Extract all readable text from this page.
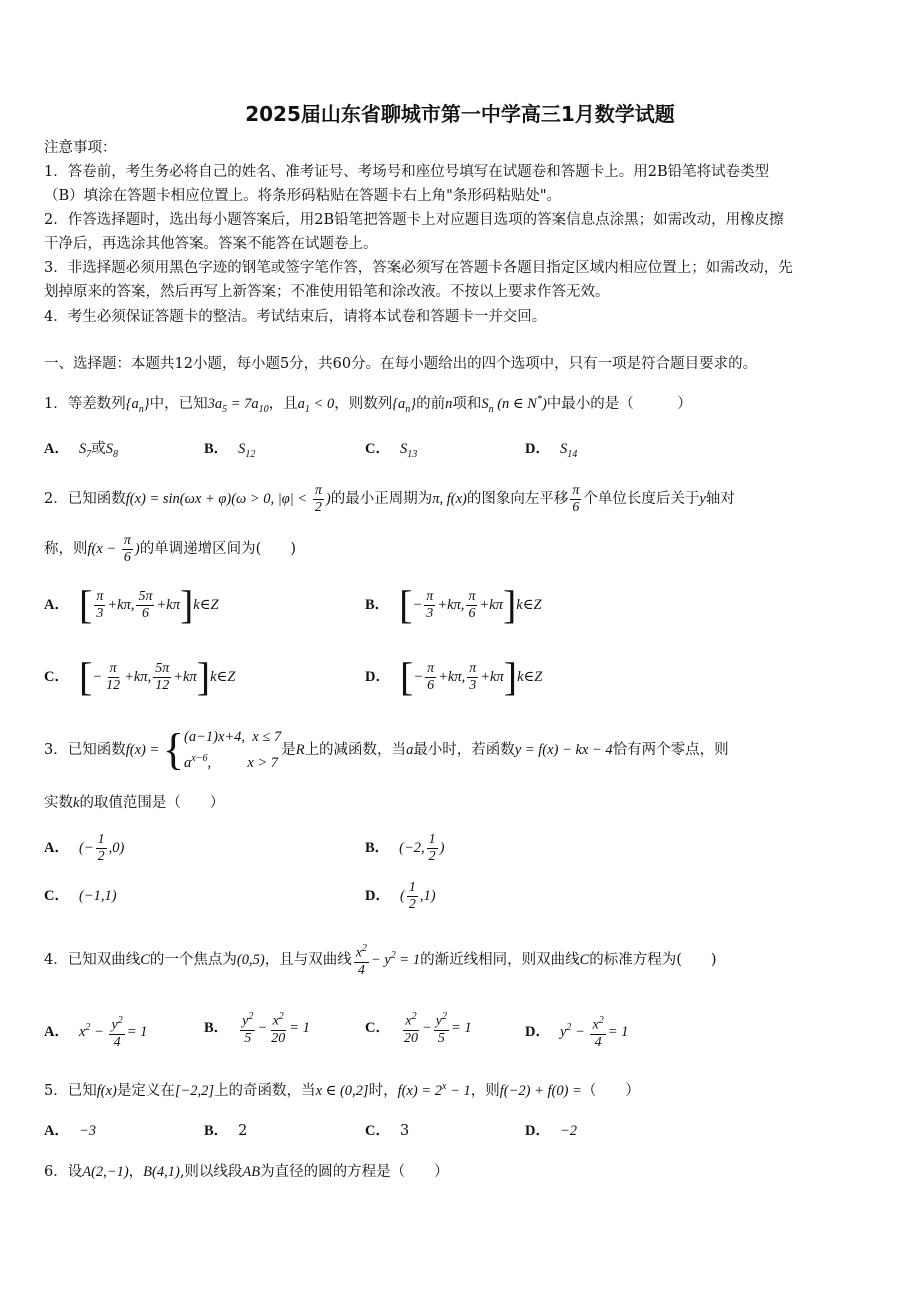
2025届山东省聊城市第一中学高三1月数学试题
注意事项：
1．答卷前，考生务必将自己的姓名、准考证号、考场号和座位号填写在试题卷和答题卡上。用2B铅笔将试卷类型
（B）填涂在答题卡相应位置上。将条形码粘贴在答题卡右上角"条形码粘贴处"。
2．作答选择题时，选出每小题答案后，用2B铅笔把答题卡上对应题目选项的答案信息点涂黑；如需改动，用橡皮擦
干净后，再选涂其他答案。答案不能答在试题卷上。
3．非选择题必须用黑色字迹的钢笔或签字笔作答，答案必须写在答题卡各题目指定区域内相应位置上；如需改动，先
划掉原来的答案，然后再写上新答案；不准使用铅笔和涂改液。不按以上要求作答无效。
4．考生必须保证答题卡的整洁。考试结束后，请将本试卷和答题卡一并交回。
一、选择题：本题共12小题，每小题5分，共60分。在每小题给出的四个选项中，只有一项是符合题目要求的。
1．等差数列$\{a_n\}$中，已知$3a_5 = 7a_{10}$，且$a_1 < 0$，则数列$\{a_n\}$的前n项和$S_n$ (n ∈ N*)中最小的是（　　　）
A． $S_7$或$S_8$	B． $S_{12}$	C． $S_{13}$	D． $S_{14}$
2．已知函数f(x) = sin(ωx + φ)(ω > 0, $|\varphi| < \frac{\pi}{2}$ )的最小正周期为π, f(x)的图象向左平移 $\frac{\pi}{6}$ 个单位长度后关于y轴对
称，则$f(x - \frac{\pi}{6}$ )的单调递增区间为(　　)
A． [ $\frac{\pi}{3} +k\pi$, $\frac{5\pi}{6}$ +kπ]k∈Z	B． [− $\frac{\pi}{3} +k\pi$, $\frac{\pi}{6}$ +kπ]k∈Z
C． [− $\frac{\pi}{12} +k\pi$, $\frac{5\pi}{12}$ +kπ]k∈Z	D． [− $\frac{\pi}{6} +k\pi$, $\frac{\pi}{3}$ +kπ]k∈Z
3．已知函数f(x) = { (a−1)x+4,  x ≤ 7
$a^{x-6}$,          x > 7
是R上的减函数，当a最小时，若函数y = f(x) − kx − 4恰有两个零点，则
实数k的取值范围是（　　）
A． (− $\frac{1}{2} ,0$)	B． (−2, $\frac{1}{2}$ )
C． (−1,1)	D． ( $\frac{1}{2} ,1$)
4．已知双曲线C的一个焦点为(0,5)，且与双曲线 $\frac{x^2}{4} - y^2 = 1$的渐近线相同，则双曲线C的标准方程为(　　)
A． $x^2 - \frac{y^2}{4} = 1$	B． $\frac{y^2}{5} - \frac{x^2}{20} = 1$	C． $\frac{x^2}{20} - \frac{y^2}{5} = 1$	D． $y^2 - \frac{x^2}{4} = 1$
5．已知f(x)是定义在[−2,2]上的奇函数，当x ∈ (0,2]时，$f(x) = 2^x - 1$，则f(−2) + f(0) =（　　）
A． −3	B． 2	C． 3	D． −2
6．设A(2,−1)，B(4,1),则以线段AB为直径的圆的方程是（　　）
